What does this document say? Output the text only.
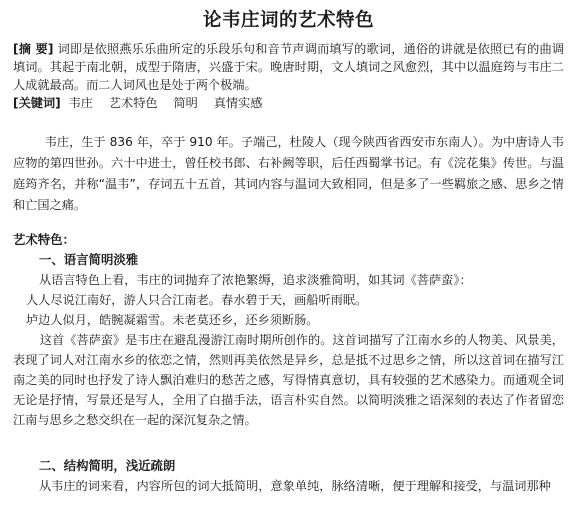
论韦庄词的艺术特色
[摘 要] 词即是依照燕乐乐曲所定的乐段乐句和音节声调而填写的歌词，通俗的讲就是依照已有的曲调填词。其起于南北朝，成型于隋唐，兴盛于宋。晚唐时期，文人填词之风愈烈，其中以温庭筠与韦庄二人成就最高。而二人词风也是处于两个极端。
[关键词] 韦庄 艺术特色 简明 真情实感
韦庄，生于 836 年，卒于 910 年。子端己，杜陵人（现今陕西省西安市东南人）。为中唐诗人韦应物的第四世孙。六十中进士，曾任校书郎、右补阙等职，后任西蜀掌书记。有《浣花集》传世。与温庭筠齐名，并称“温韦”，存词五十五首，其词内容与温词大致相同，但是多了一些羁旅之感、思乡之情和亡国之痛。
艺术特色：
一、语言简明淡雅
从语言特色上看，韦庄的词抛弃了浓艳繁缛，追求淡雅简明，如其词《菩萨蛮》：
人人尽说江南好，游人只合江南老。春水碧于天，画船听雨眠。
垆边人似月，皓腕凝霜雪。未老莫还乡，还乡须断肠。
这首《菩萨蛮》是韦庄在避乱漫游江南时期所创作的。这首词描写了江南水乡的人物美、风景美，表现了词人对江南水乡的依恋之情，然则再美依然是异乡，总是抵不过思乡之情，所以这首词在描写江南之美的同时也抒发了诗人飘泊难归的愁苦之感，写得情真意切，具有较强的艺术感染力。而通观全词无论是抒情，写景还是写人，全用了白描手法，语言朴实自然。以简明淡雅之语深刻的表达了作者留恋江南与思乡之愁交织在一起的深沉复杂之情。
二、结构简明，浅近疏朗
从韦庄的词来看，内容所包的词大抵简明，意象单纯，脉络清晰，便于理解和接受，与温词那种
